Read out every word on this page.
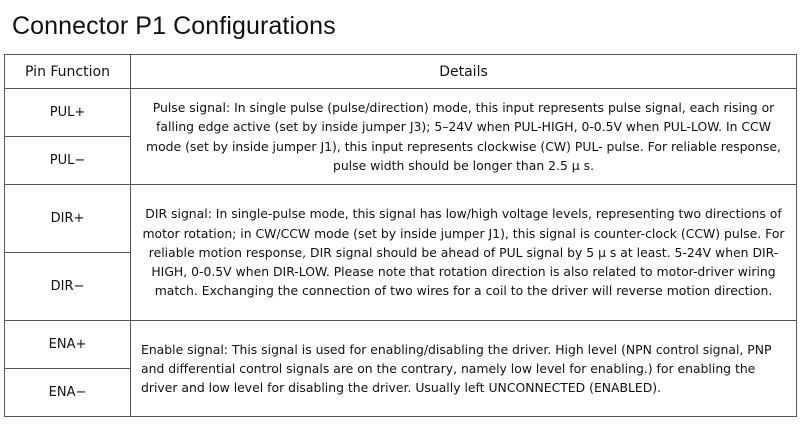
Connector P1 Configurations
Pin Function	Details
PUL+	Pulse signal: In single pulse (pulse/direction) mode, this input represents pulse signal, each rising or falling edge active (set by inside jumper J3); 5–24V when PUL-HIGH, 0-0.5V when PUL-LOW. In CCW mode (set by inside jumper J1), this input represents clockwise (CW) PUL- pulse. For reliable response, pulse width should be longer than 2.5 μ s.
PUL−	
DIR+	DIR signal: In single-pulse mode, this signal has low/high voltage levels, representing two directions of motor rotation; in CW/CCW mode (set by inside jumper J1), this signal is counter-clock (CCW) pulse. For reliable motion response, DIR signal should be ahead of PUL signal by 5 μ s at least. 5-24V when DIR-HIGH, 0-0.5V when DIR-LOW. Please note that rotation direction is also related to motor-driver wiring match. Exchanging the connection of two wires for a coil to the driver will reverse motion direction.
DIR−	
ENA+	Enable signal: This signal is used for enabling/disabling the driver. High level (NPN control signal, PNP and differential control signals are on the contrary, namely low level for enabling.) for enabling the driver and low level for disabling the driver. Usually left UNCONNECTED (ENABLED).
ENA−	
